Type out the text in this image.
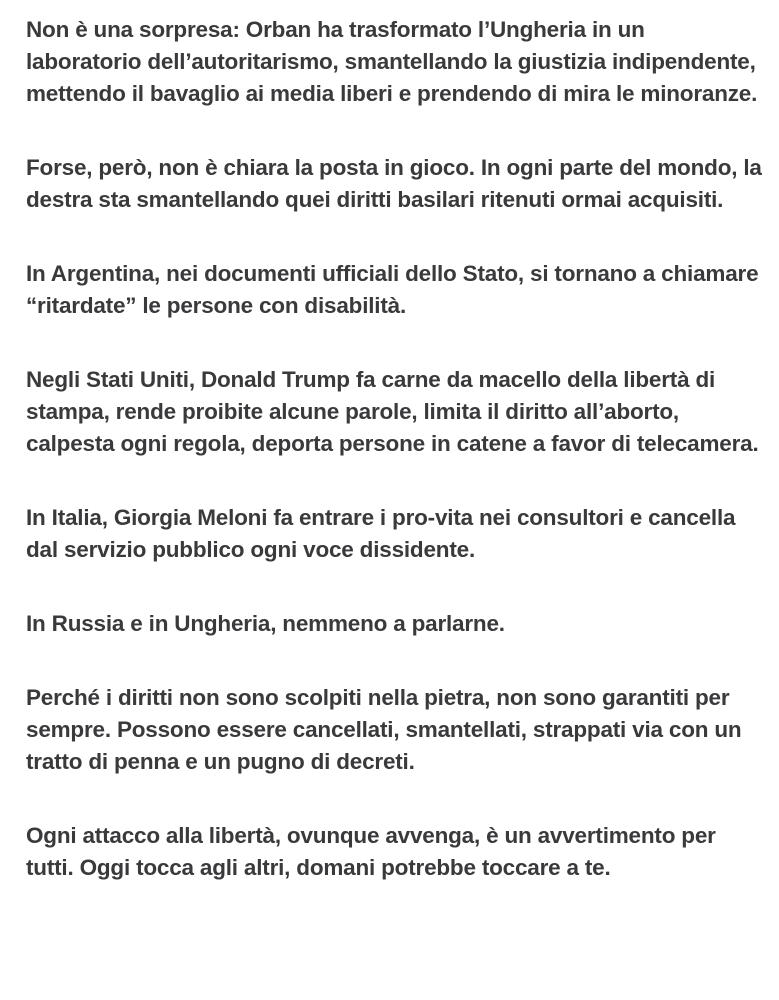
Non è una sorpresa: Orban ha trasformato l’Ungheria in un laboratorio dell’autoritarismo, smantellando la giustizia indipendente, mettendo il bavaglio ai media liberi e prendendo di mira le minoranze.

Forse, però, non è chiara la posta in gioco. In ogni parte del mondo, la destra sta smantellando quei diritti basilari ritenuti ormai acquisiti.

In Argentina, nei documenti ufficiali dello Stato, si tornano a chiamare “ritardate” le persone con disabilità.

Negli Stati Uniti, Donald Trump fa carne da macello della libertà di stampa, rende proibite alcune parole, limita il diritto all’aborto, calpesta ogni regola, deporta persone in catene a favor di telecamera.

In Italia, Giorgia Meloni fa entrare i pro-vita nei consultori e cancella dal servizio pubblico ogni voce dissidente.

In Russia e in Ungheria, nemmeno a parlarne.

Perché i diritti non sono scolpiti nella pietra, non sono garantiti per sempre. Possono essere cancellati, smantellati, strappati via con un tratto di penna e un pugno di decreti.

Ogni attacco alla libertà, ovunque avvenga, è un avvertimento per tutti. Oggi tocca agli altri, domani potrebbe toccare a te.
